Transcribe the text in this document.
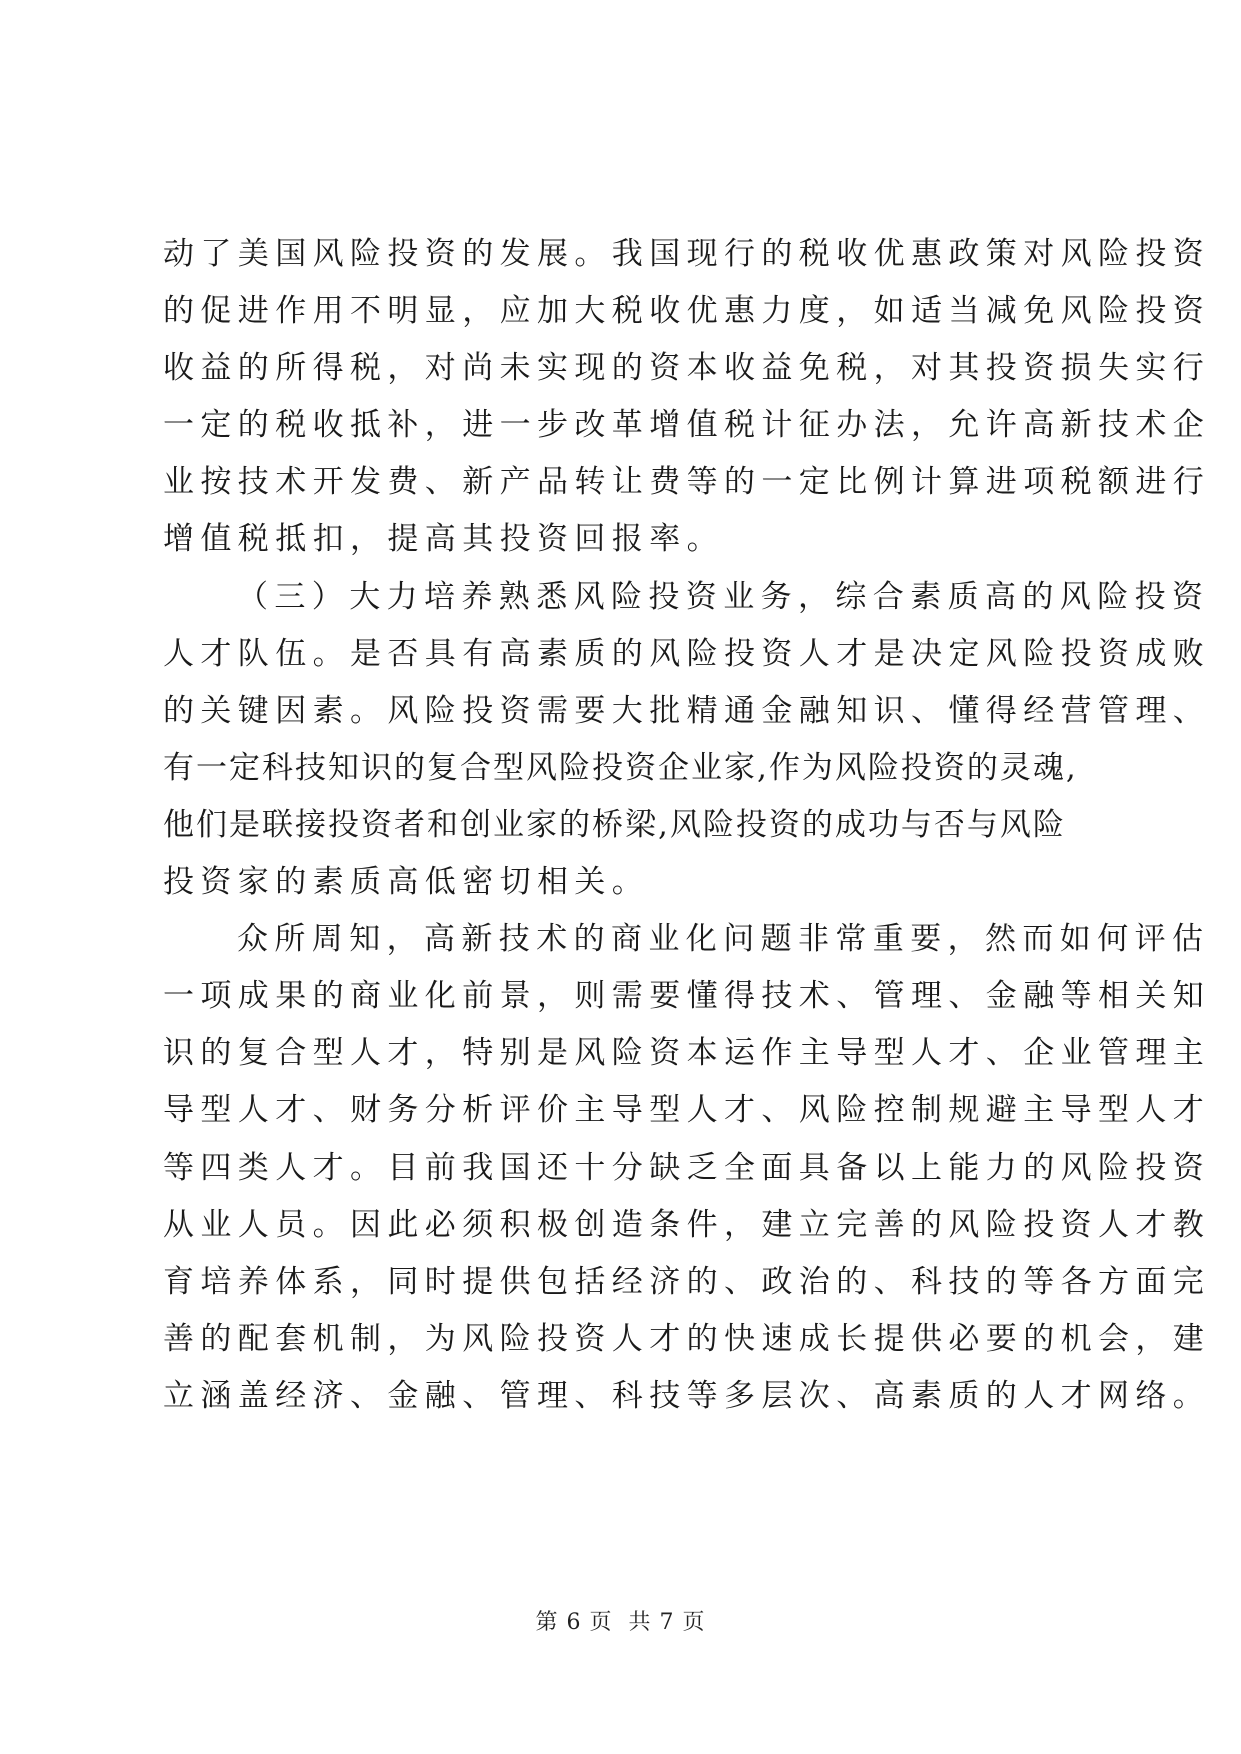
动了美国风险投资的发展。我国现行的税收优惠政策对风险投资
的促进作用不明显，应加大税收优惠力度，如适当减免风险投资
收益的所得税，对尚未实现的资本收益免税，对其投资损失实行
一定的税收抵补，进一步改革增值税计征办法，允许高新技术企
业按技术开发费、新产品转让费等的一定比例计算进项税额进行
增值税抵扣，提高其投资回报率。
（三）大力培养熟悉风险投资业务，综合素质高的风险投资
人才队伍。是否具有高素质的风险投资人才是决定风险投资成败
的关键因素。风险投资需要大批精通金融知识、懂得经营管理、
有一定科技知识的复合型风险投资企业家,作为风险投资的灵魂,
他们是联接投资者和创业家的桥梁,风险投资的成功与否与风险
投资家的素质高低密切相关。
众所周知，高新技术的商业化问题非常重要，然而如何评估
一项成果的商业化前景，则需要懂得技术、管理、金融等相关知
识的复合型人才，特别是风险资本运作主导型人才、企业管理主
导型人才、财务分析评价主导型人才、风险控制规避主导型人才
等四类人才。目前我国还十分缺乏全面具备以上能力的风险投资
从业人员。因此必须积极创造条件，建立完善的风险投资人才教
育培养体系，同时提供包括经济的、政治的、科技的等各方面完
善的配套机制，为风险投资人才的快速成长提供必要的机会，建
立涵盖经济、金融、管理、科技等多层次、高素质的人才网络。
第 6 页  共 7 页
